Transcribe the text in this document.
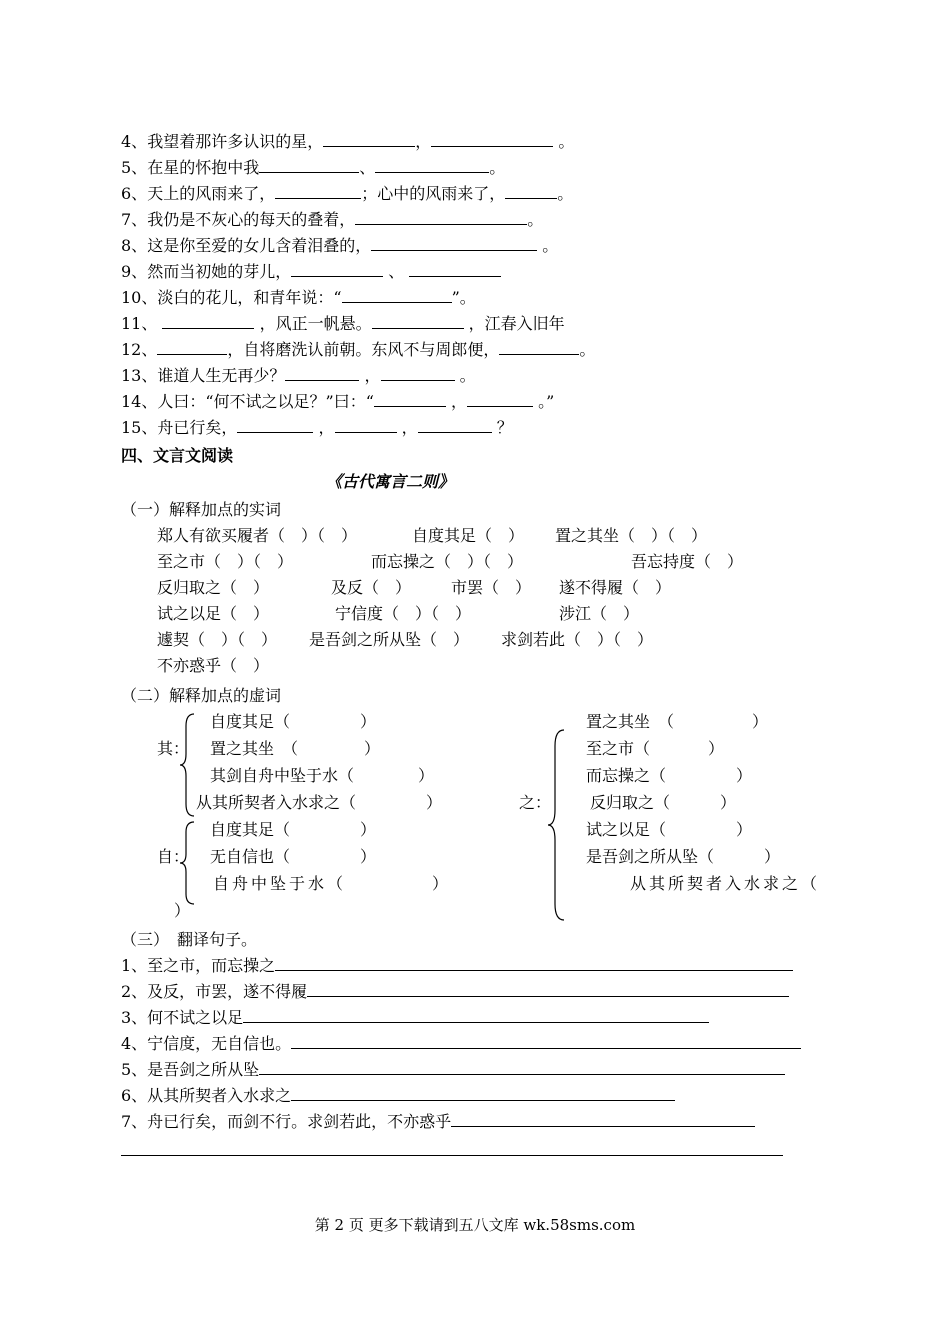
4、我望着那许多认识的星，	，	。
5、在星的怀抱中我	、	。
6、天上的风雨来了，	；心中的风雨来了，	。
7、我仍是不灰心的每天的叠着，	。
8、这是你至爱的女儿含着泪叠的，	。
9、然而当初她的芽儿，	、
10、淡白的花儿，和青年说：“	”。
11、	，风正一帆悬。	，江春入旧年
12、	，自将磨洗认前朝。东风不与周郎便，	。
13、谁道人生无再少？	，	。
14、人曰：“何不试之以足？”曰：“	，	。”
15、舟已行矣，	，	，	？
四、文言文阅读
《古代寓言二则》
（一）解释加点的实词
郑人有欲买履者（　）（　）	自度其足（　） 置之其坐（　）（　）
至之市（　）（　）	而忘操之（　）（　）	吾忘持度（　）
反归取之（　）	及反（　） 市罢（　） 遂不得履（　）
试之以足（　）	宁信度（　）（　）	涉江（　）
遽契（　）（　） 是吾剑之所从坠（　） 求剑若此（　）（　）
不亦惑乎（　）
（二）解释加点的虚词
其：
自度其足（	）
置之其坐　（	）
其剑自舟中坠于水（	）
从其所契者入水求之（	）
自：
自度其足（	）
无自信也（	）
自舟中坠于水（	）
）
之：
置之其坐　（	）
至之市（	）
而忘操之（	）
反归取之（	）
试之以足（	）
是吾剑之所从坠（	）
从其所契者入水求之（
（三）　翻译句子。
1、至之市，而忘操之
2、及反，市罢，遂不得履
3、何不试之以足
4、宁信度，无自信也。
5、是吾剑之所从坠
6、从其所契者入水求之
7、舟已行矣，而剑不行。求剑若此，不亦惑乎
第 2 页 更多下载请到五八文库 wk.58sms.com
